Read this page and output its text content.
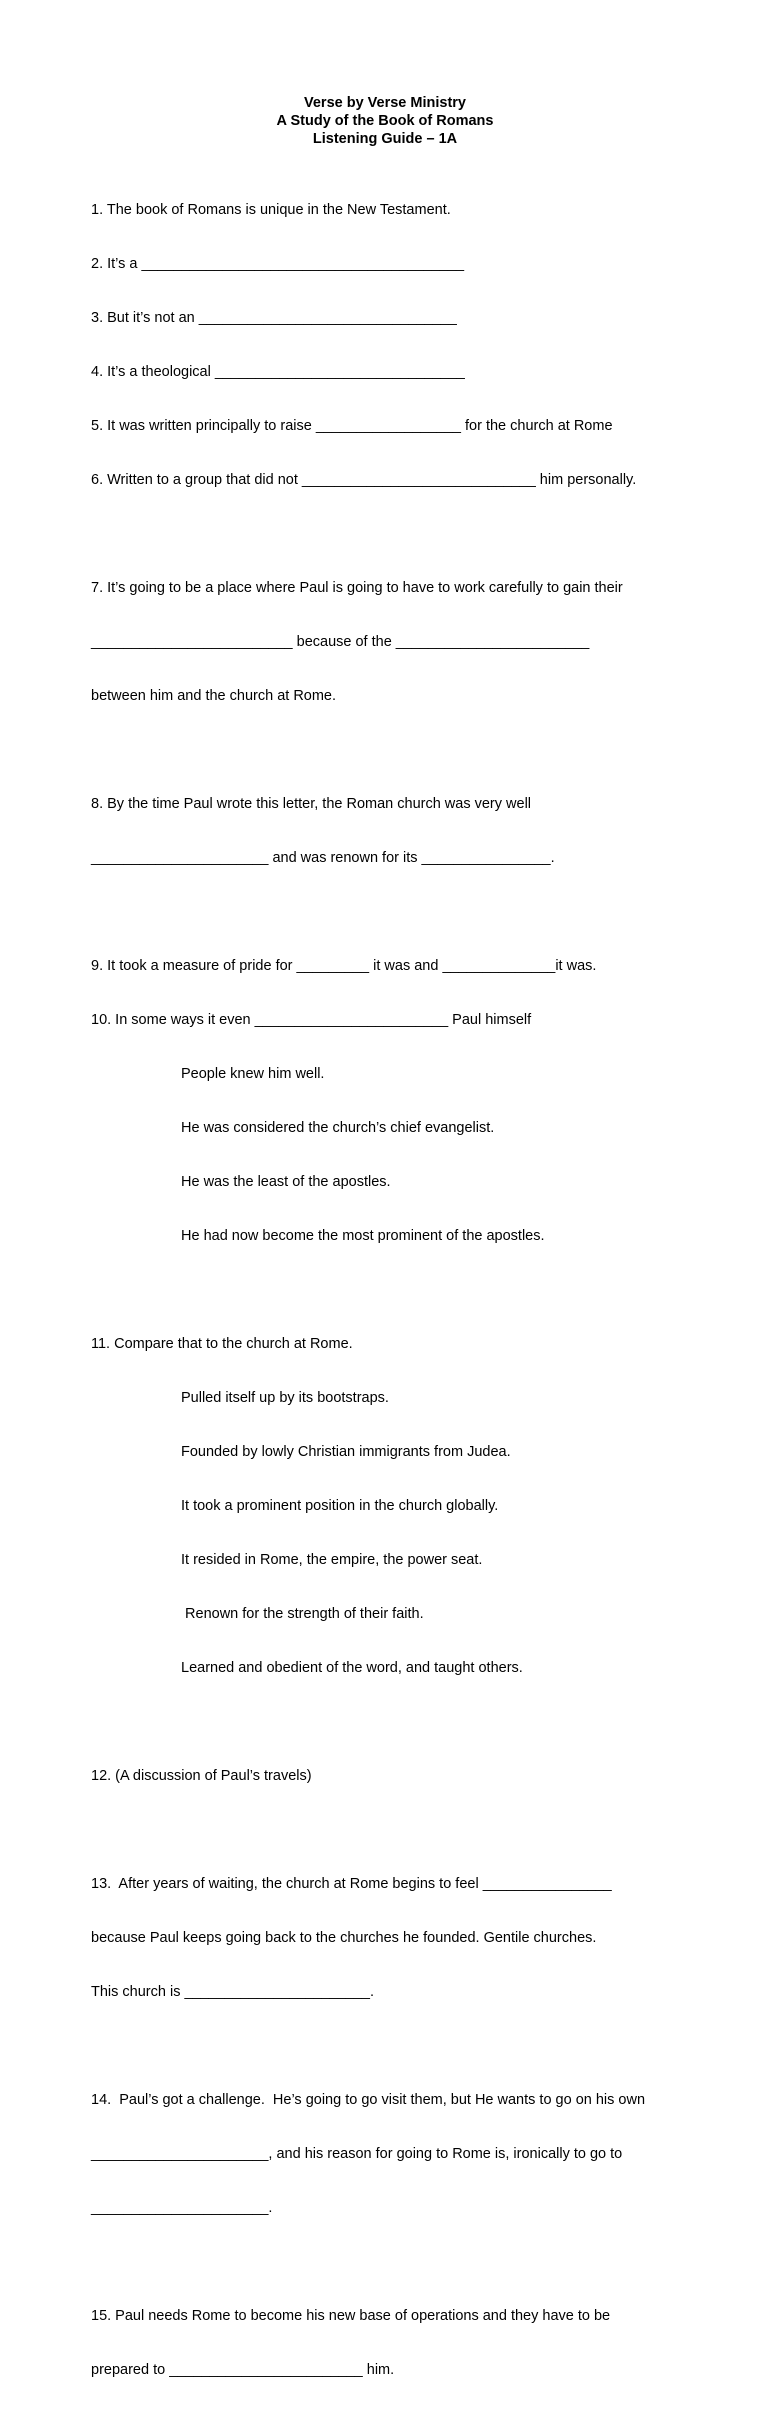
Verse by Verse Ministry
A Study of the Book of Romans
Listening Guide – 1A

1. The book of Romans is unique in the New Testament.

2. It’s a ________________________________________

3. But it’s not an ________________________________

4. It’s a theological _______________________________

5. It was written principally to raise __________________ for the church at Rome

6. Written to a group that did not _____________________________ him personally.

7. It’s going to be a place where Paul is going to have to work carefully to gain their

_________________________ because of the ________________________

between him and the church at Rome.

8. By the time Paul wrote this letter, the Roman church was very well

______________________ and was renown for its ________________.

9. It took a measure of pride for _________ it was and ______________it was.

10. In some ways it even ________________________ Paul himself

People knew him well.

He was considered the church’s chief evangelist.

He was the least of the apostles.

He had now become the most prominent of the apostles.

11. Compare that to the church at Rome.

Pulled itself up by its bootstraps.

Founded by lowly Christian immigrants from Judea.

It took a prominent position in the church globally.

It resided in Rome, the empire, the power seat.

Renown for the strength of their faith.

Learned and obedient of the word, and taught others.

12. (A discussion of Paul’s travels)

13.  After years of waiting, the church at Rome begins to feel ________________

because Paul keeps going back to the churches he founded. Gentile churches.

This church is _______________________.

14.  Paul’s got a challenge.  He’s going to go visit them, but He wants to go on his own

______________________, and his reason for going to Rome is, ironically to go to

______________________.

15. Paul needs Rome to become his new base of operations and they have to be

prepared to ________________________ him.
